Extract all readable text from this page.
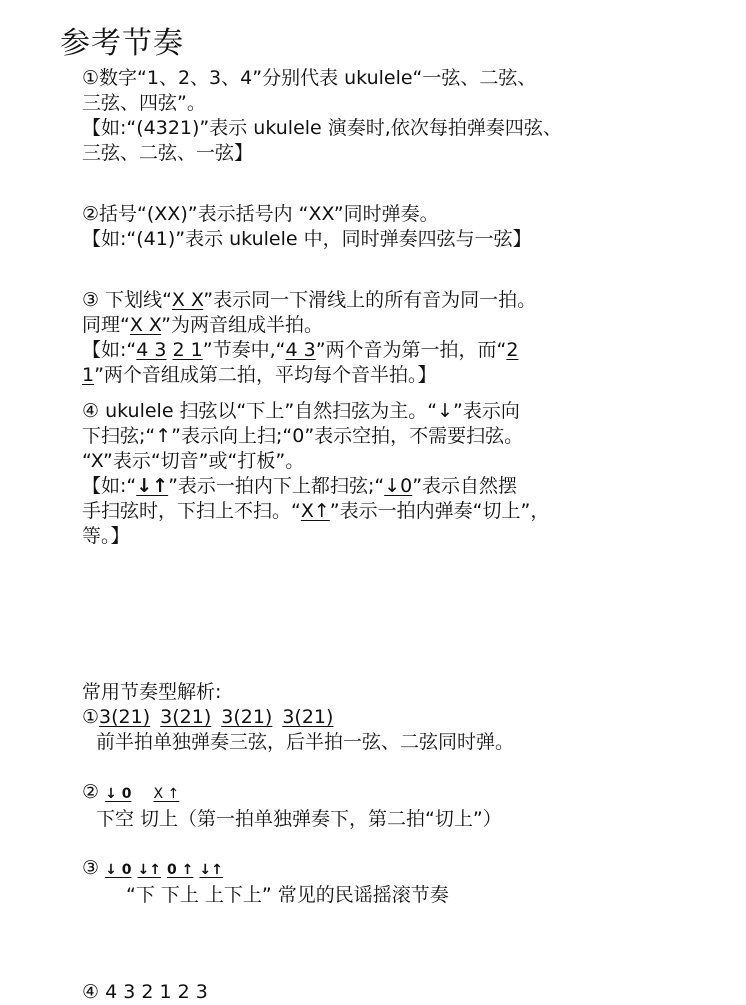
参考节奏

①数字“1、2、3、4”分别代表 ukulele“一弦、二弦、

三弦、四弦”。

【如:“(4321)”表示 ukulele 演奏时,依次每拍弹奏四弦、

三弦、二弦、一弦】

②括号“(XX)”表示括号内 “XX”同时弹奏。

【如:“(41)”表示 ukulele 中，同时弹奏四弦与一弦】

③ 下划线“X X”表示同一下滑线上的所有音为同一拍。

同理“X X”为两音组成半拍。

【如:“4 3 2 1”节奏中,“4 3”两个音为第一拍，而“2

1”两个音组成第二拍，平均每个音半拍。】

④ ukulele 扫弦以“下上”自然扫弦为主。“↓”表示向

下扫弦;“↑”表示向上扫;“0”表示空拍，不需要扫弦。

“X”表示“切音”或“打板”。

【如:“↓↑”表示一拍内下上都扫弦;“↓0”表示自然摆

手扫弦时，下扫上不扫。“X↑”表示一拍内弹奏“切上”，

等。】

常用节奏型解析:

①3(21) 3(21) 3(21) 3(21)

前半拍单独弹奏三弦，后半拍一弦、二弦同时弹。

② ↓ 0 X ↑

下空 切上（第一拍单独弹奏下，第二拍“切上”）

③ ↓ 0 ↓↑ 0 ↑ ↓↑

“下 下上 上下上” 常见的民谣摇滚节奏

④ 4 3 2 1 2 3
